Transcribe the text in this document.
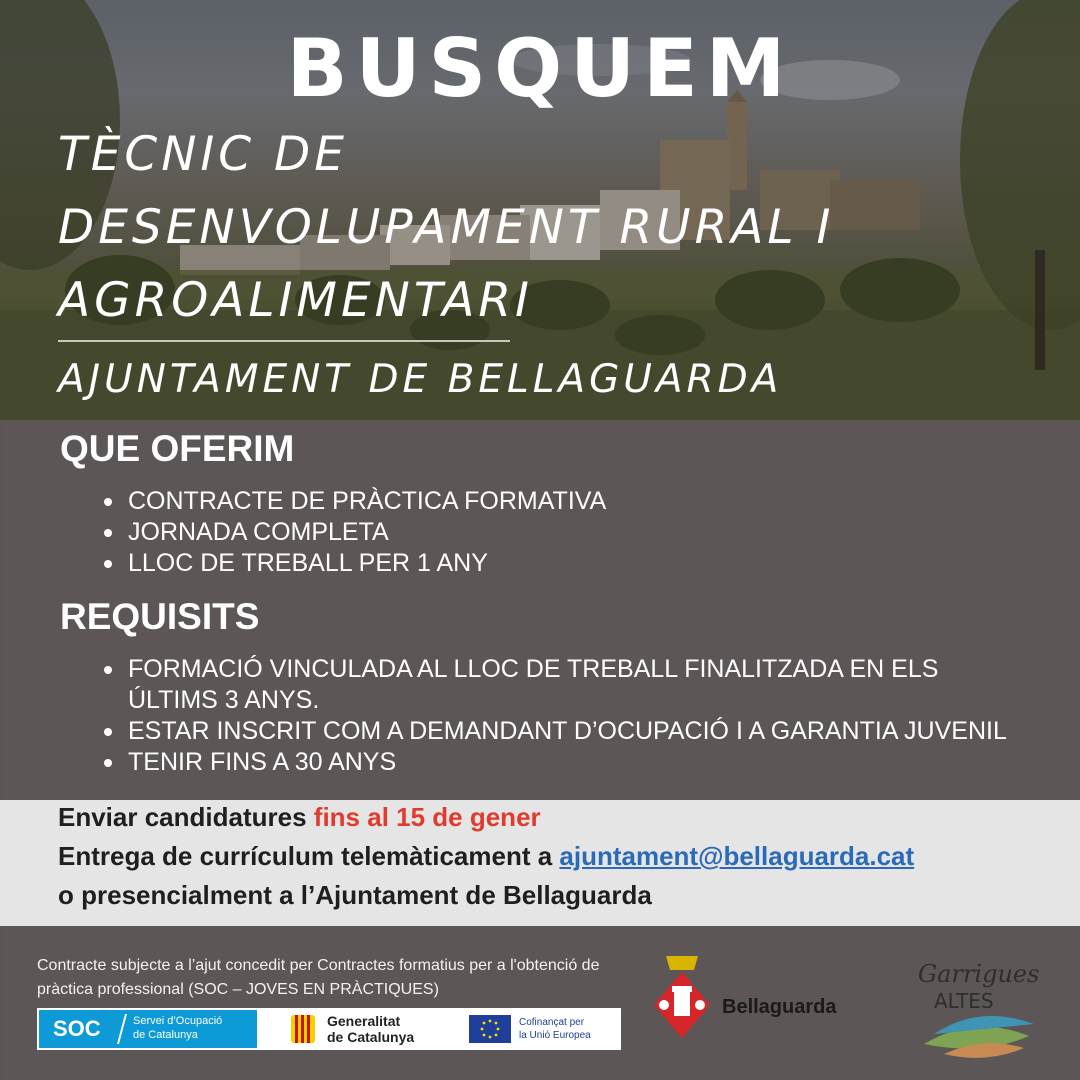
BUSQUEM
TÈCNIC DE
DESENVOLUPAMENT RURAL I
AGROALIMENTARI
AJUNTAMENT DE BELLAGUARDA
QUE OFERIM
CONTRACTE DE PRÀCTICA FORMATIVA
JORNADA COMPLETA
LLOC DE TREBALL PER 1 ANY
REQUISITS
FORMACIÓ VINCULADA AL LLOC DE TREBALL FINALITZADA EN ELS ÚLTIMS 3 ANYS.
ESTAR INSCRIT COM A DEMANDANT D’OCUPACIÓ I A GARANTIA JUVENIL
TENIR FINS A 30 ANYS
Enviar candidatures fins al 15 de gener
Entrega de currículum telemàticament a ajuntament@bellaguarda.cat
o presencialment a l’Ajuntament de Bellaguarda
Contracte subjecte a l’ajut concedit per Contractes formatius per a l'obtenció de pràctica professional (SOC – JOVES EN PRÀCTIQUES)
SOC	Servei d’Ocupació
de Catalunya
Generalitat
de Catalunya
Cofinançat per
la Unió Europea
Bellaguarda
Garrigues
ALTES
